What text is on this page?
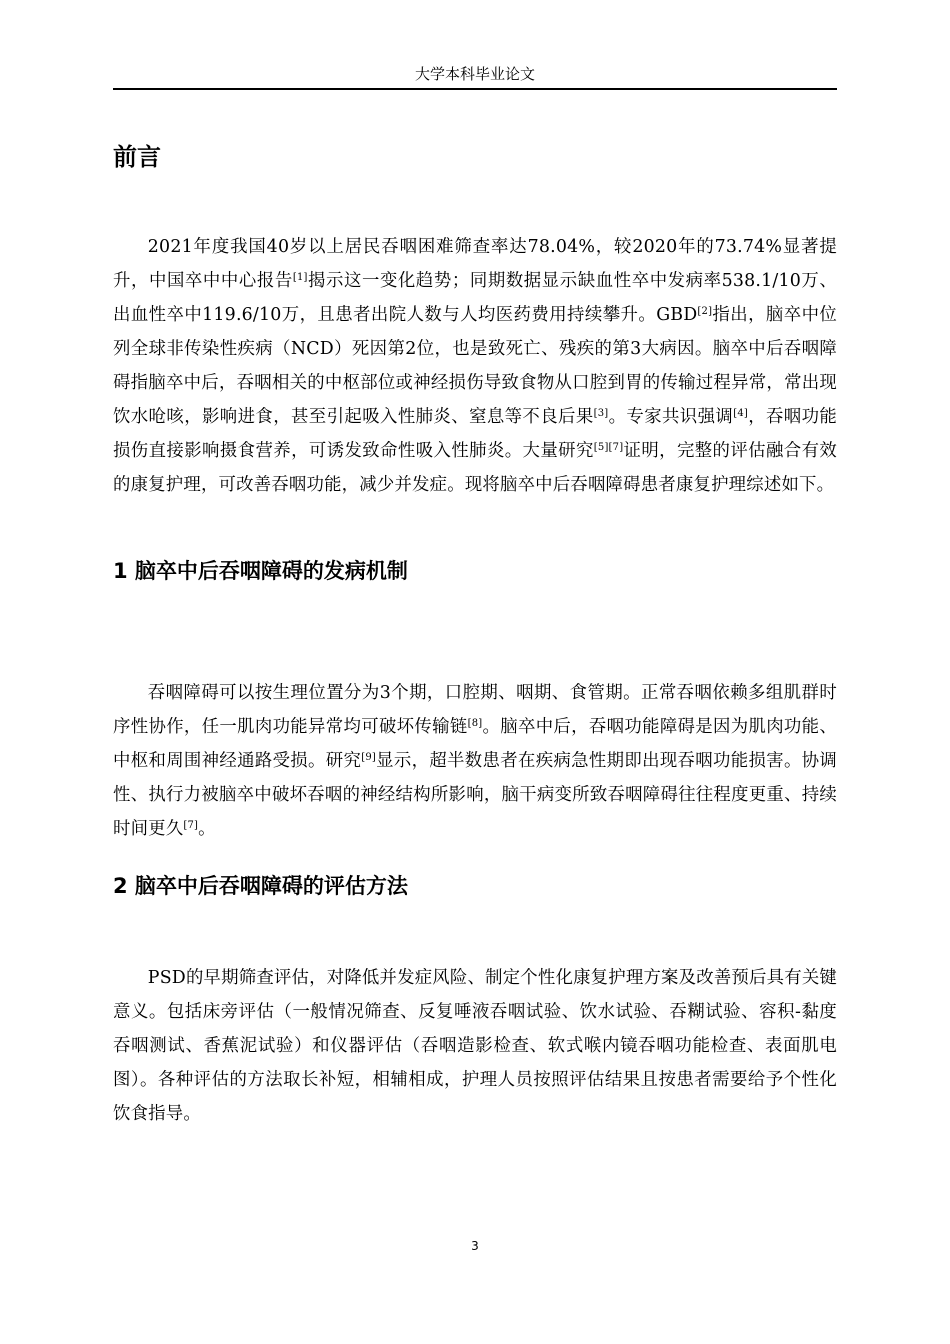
大学本科毕业论文
前言

2021年度我国40岁以上居民吞咽困难筛查率达78.04%，较2020年的73.74%显著提升，中国卒中中心报告[1]揭示这一变化趋势；同期数据显示缺血性卒中发病率538.1/10万、出血性卒中119.6/10万，且患者出院人数与人均医药费用持续攀升。GBD[2]指出，脑卒中位列全球非传染性疾病（NCD）死因第2位，也是致死亡、残疾的第3大病因。脑卒中后吞咽障碍指脑卒中后，吞咽相关的中枢部位或神经损伤导致食物从口腔到胃的传输过程异常，常出现饮水呛咳，影响进食，甚至引起吸入性肺炎、窒息等不良后果[3]。专家共识强调[4]，吞咽功能损伤直接影响摄食营养，可诱发致命性吸入性肺炎。大量研究[5][7]证明，完整的评估融合有效的康复护理，可改善吞咽功能，减少并发症。现将脑卒中后吞咽障碍患者康复护理综述如下。

1 脑卒中后吞咽障碍的发病机制

吞咽障碍可以按生理位置分为3个期，口腔期、咽期、食管期。正常吞咽依赖多组肌群时序性协作，任一肌肉功能异常均可破坏传输链[8]。脑卒中后，吞咽功能障碍是因为肌肉功能、中枢和周围神经通路受损。研究[9]显示，超半数患者在疾病急性期即出现吞咽功能损害。协调性、执行力被脑卒中破坏吞咽的神经结构所影响，脑干病变所致吞咽障碍往往程度更重、持续时间更久[7]。

2 脑卒中后吞咽障碍的评估方法

PSD的早期筛查评估，对降低并发症风险、制定个性化康复护理方案及改善预后具有关键意义。包括床旁评估（一般情况筛查、反复唾液吞咽试验、饮水试验、吞糊试验、容积-黏度吞咽测试、香蕉泥试验）和仪器评估（吞咽造影检查、软式喉内镜吞咽功能检查、表面肌电图）。各种评估的方法取长补短，相辅相成，护理人员按照评估结果且按患者需要给予个性化饮食指导。

3
